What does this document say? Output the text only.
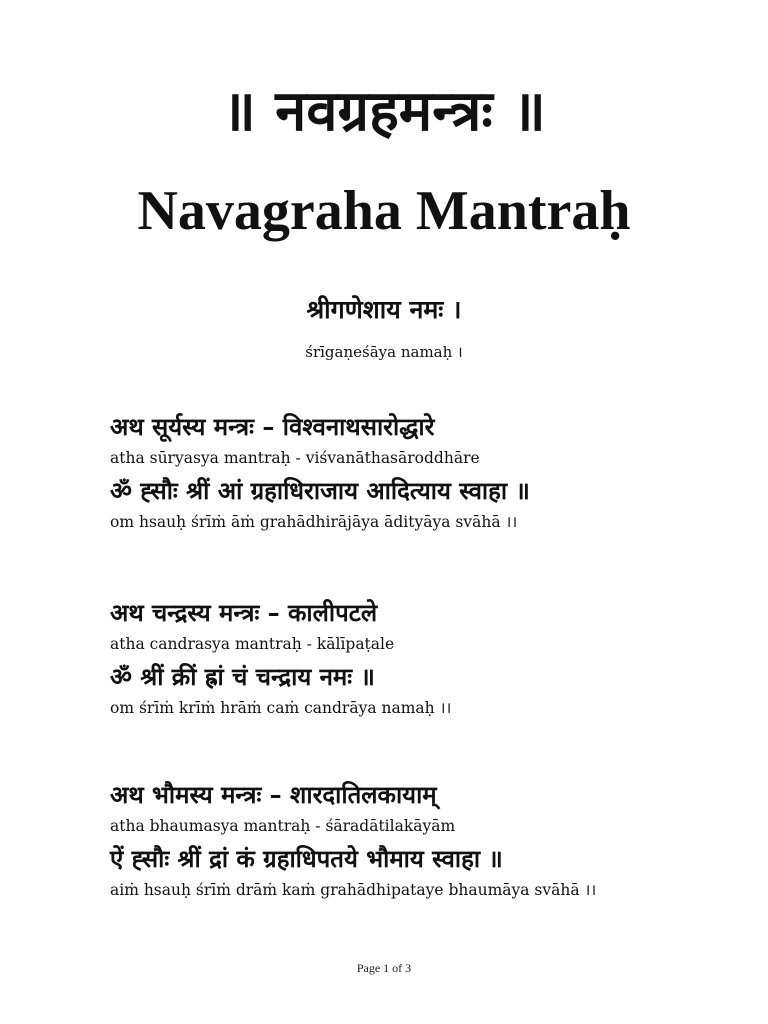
॥ नवग्रहमन्त्रः ॥
Navagraha Mantraḥ
श्रीगणेशाय नमः ।
śrīgaṇeśāya namaḥ ।
अथ सूर्यस्य मन्त्रः – विश्वनाथसारोद्धारे
atha sūryasya mantraḥ - viśvanāthasāroddhāre
ॐ ह्सौः श्रीं आं ग्रहाधिराजाय आदित्याय स्वाहा ॥
om hsauḥ śrīṁ āṁ grahādhirājāya ādityāya svāhā ।।
अथ चन्द्रस्य मन्त्रः – कालीपटले
atha candrasya mantraḥ - kālīpaṭale
ॐ श्रीं क्रीं ह्रां चं चन्द्राय नमः ॥
om śrīṁ krīṁ hrāṁ caṁ candrāya namaḥ ।।
अथ भौमस्य मन्त्रः – शारदातिलकायाम्
atha bhaumasya mantraḥ - śāradātilakāyām
ऐं ह्सौः श्रीं द्रां कं ग्रहाधिपतये भौमाय स्वाहा ॥
aiṁ hsauḥ śrīṁ drāṁ kaṁ grahādhipataye bhaumāya svāhā ।।
Page 1 of 3
